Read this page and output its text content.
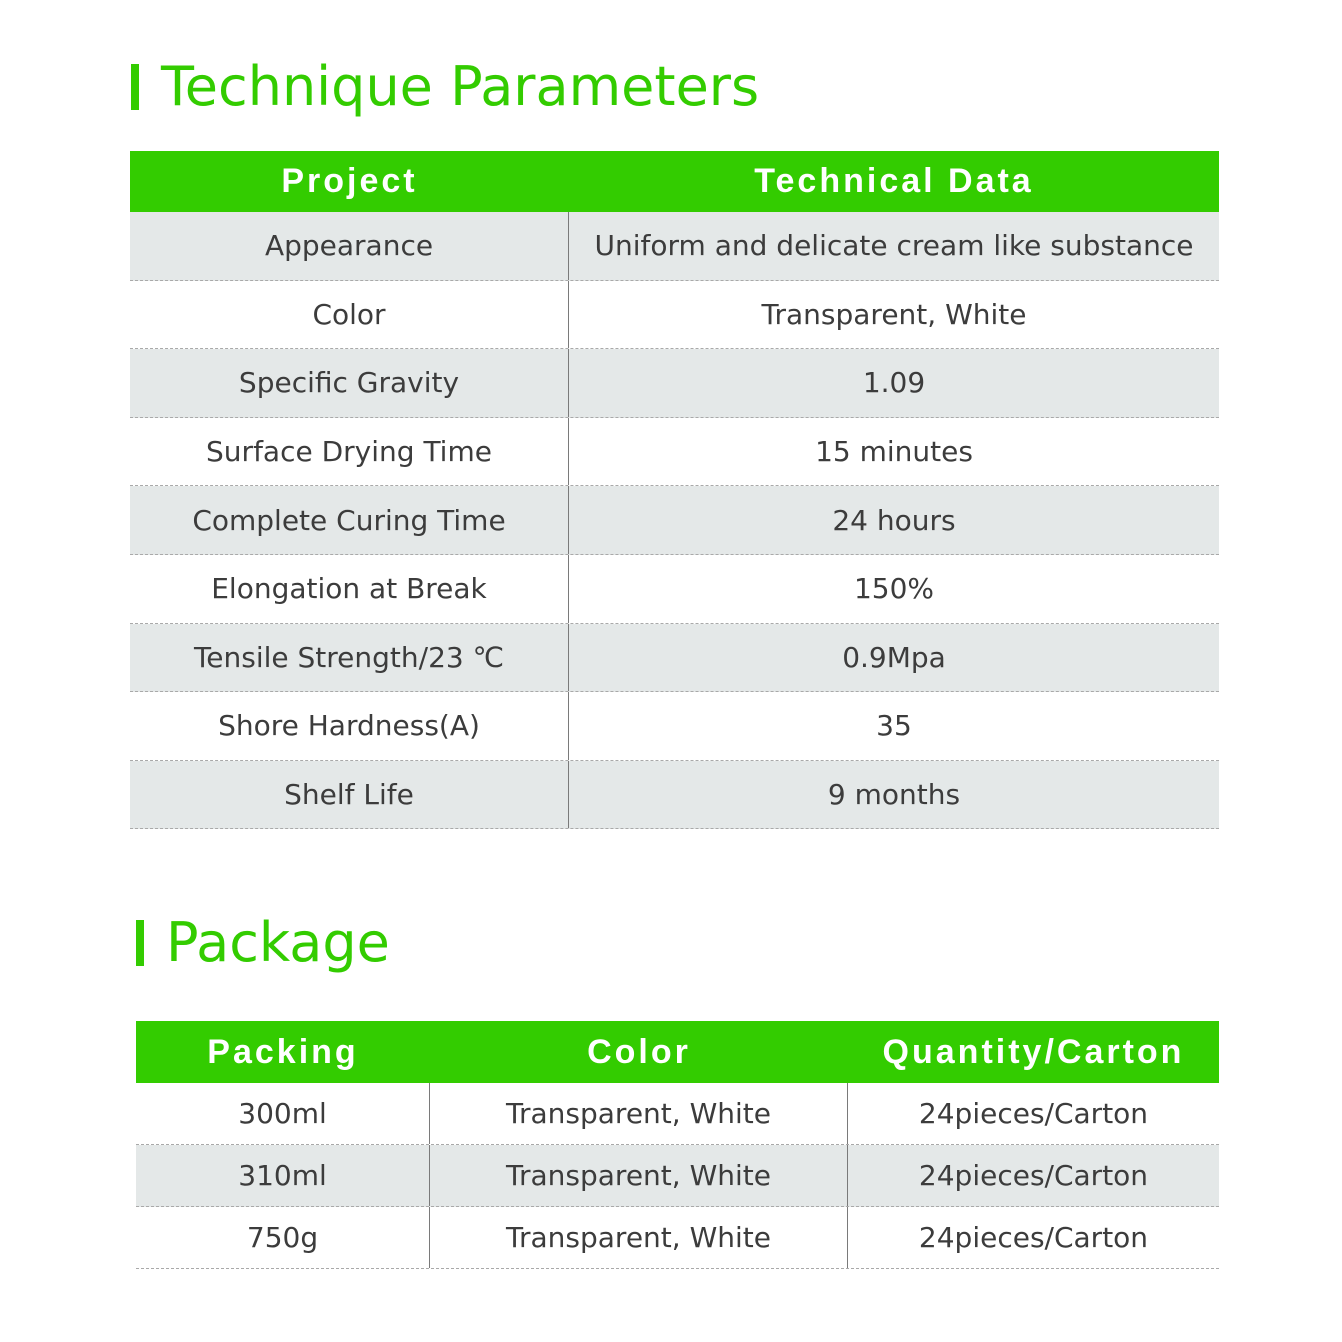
Technique Parameters
Project	Technical Data
Appearance	Uniform and delicate cream like substance
Color	Transparent, White
Specific Gravity	1.09
Surface Drying Time	15 minutes
Complete Curing Time	24 hours
Elongation at Break	150%
Tensile Strength/23 ℃	0.9Mpa
Shore Hardness(A)	35
Shelf Life	9 months
Package
Packing	Color	Quantity/Carton
300ml	Transparent, White	24pieces/Carton
310ml	Transparent, White	24pieces/Carton
750g	Transparent, White	24pieces/Carton
